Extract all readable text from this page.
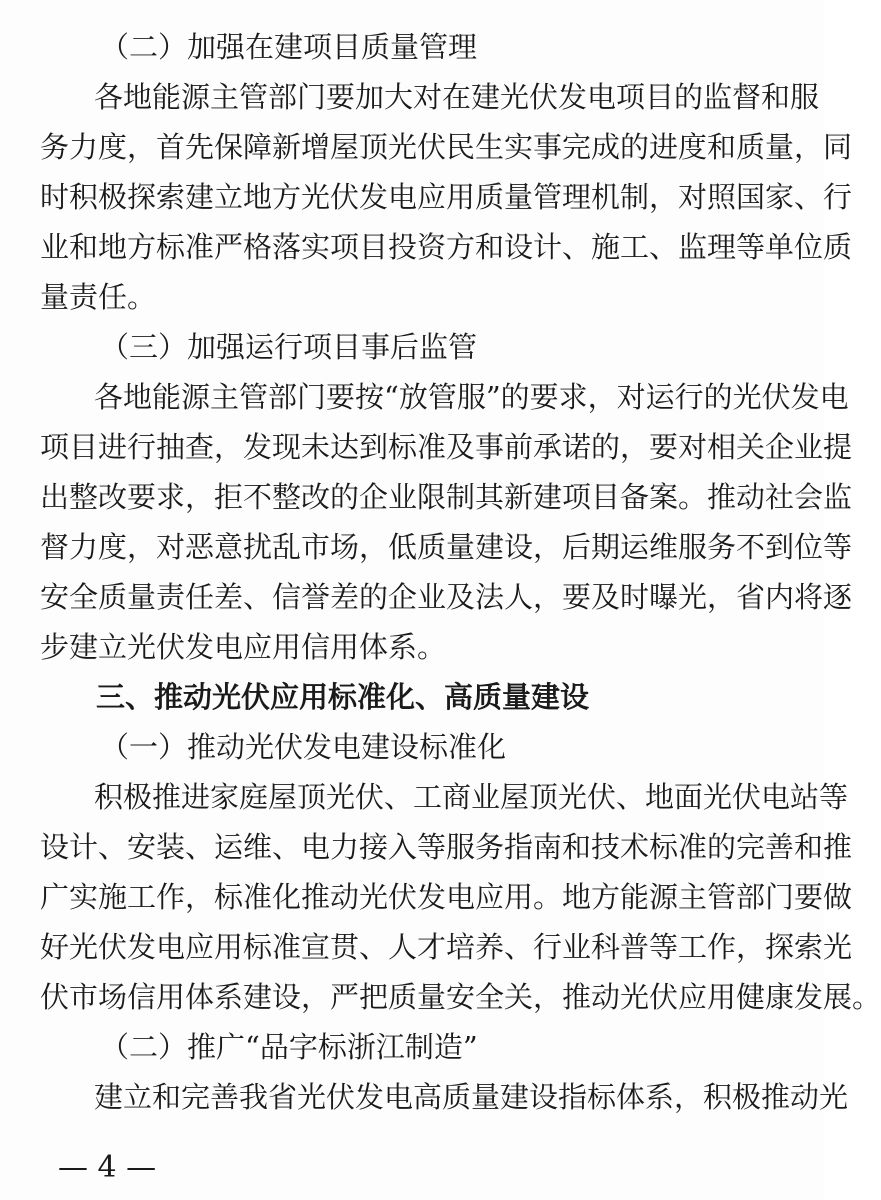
（二）加强在建项目质量管理
各地能源主管部门要加大对在建光伏发电项目的监督和服
务力度，首先保障新增屋顶光伏民生实事完成的进度和质量，同
时积极探索建立地方光伏发电应用质量管理机制，对照国家、行
业和地方标准严格落实项目投资方和设计、施工、监理等单位质
量责任。
（三）加强运行项目事后监管
各地能源主管部门要按“放管服”的要求，对运行的光伏发电
项目进行抽查，发现未达到标准及事前承诺的，要对相关企业提
出整改要求，拒不整改的企业限制其新建项目备案。推动社会监
督力度，对恶意扰乱市场，低质量建设，后期运维服务不到位等
安全质量责任差、信誉差的企业及法人，要及时曝光，省内将逐
步建立光伏发电应用信用体系。
三、推动光伏应用标准化、高质量建设
（一）推动光伏发电建设标准化
积极推进家庭屋顶光伏、工商业屋顶光伏、地面光伏电站等
设计、安装、运维、电力接入等服务指南和技术标准的完善和推
广实施工作，标准化推动光伏发电应用。地方能源主管部门要做
好光伏发电应用标准宣贯、人才培养、行业科普等工作，探索光
伏市场信用体系建设，严把质量安全关，推动光伏应用健康发展。
（二）推广“品字标浙江制造”
建立和完善我省光伏发电高质量建设指标体系，积极推动光
— 4 —
